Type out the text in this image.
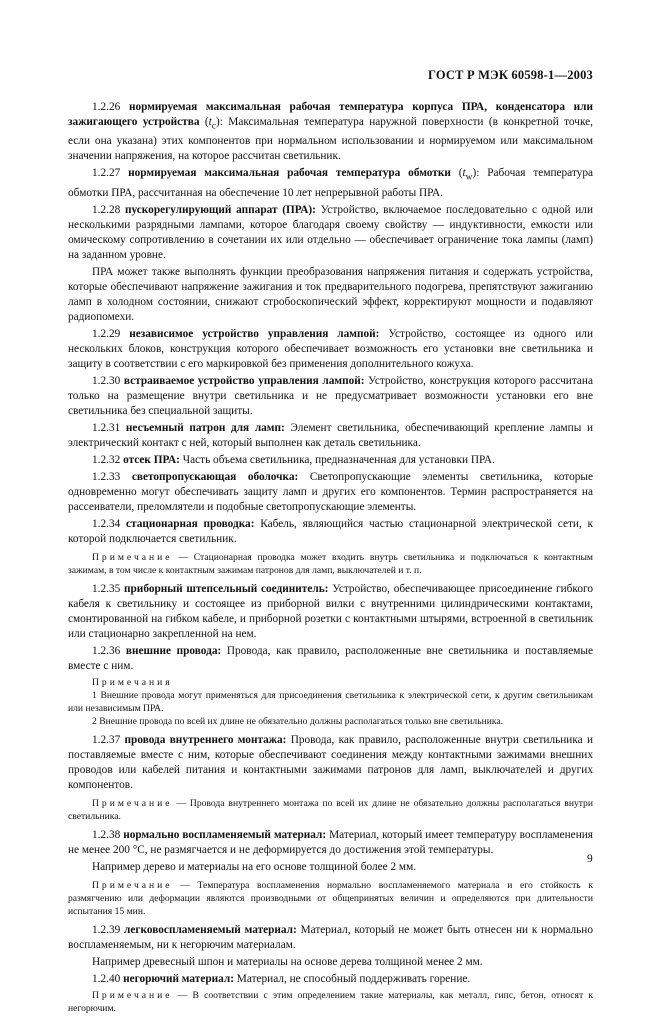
ГОСТ Р МЭК 60598-1—2003

1.2.26 нормируемая максимальная рабочая температура корпуса ПРА, конденсатора или зажигающего устройства $(t_c)$: Максимальная температура наружной поверхности (в конкретной точке, если она указана) этих компонентов при нормальном использовании и нормируемом или максимальном значении напряжения, на которое рассчитан светильник.

1.2.27 нормируемая максимальная рабочая температура обмотки $(t_w)$: Рабочая температура обмотки ПРА, рассчитанная на обеспечение 10 лет непрерывной работы ПРА.

1.2.28 пускорегулирующий аппарат (ПРА): Устройство, включаемое последовательно с одной или несколькими разрядными лампами, которое благодаря своему свойству — индуктивности, емкости или омическому сопротивлению в сочетании их или отдельно — обеспечивает ограничение тока лампы (ламп) на заданном уровне.

ПРА может также выполнять функции преобразования напряжения питания и содержать устройства, которые обеспечивают напряжение зажигания и ток предварительного подогрева, препятствуют зажиганию ламп в холодном состоянии, снижают стробоскопический эффект, корректируют мощности и подавляют радиопомехи.

1.2.29 независимое устройство управления лампой: Устройство, состоящее из одного или нескольких блоков, конструкция которого обеспечивает возможность его установки вне светильника и защиту в соответствии с его маркировкой без применения дополнительного кожуха.

1.2.30 встраиваемое устройство управления лампой: Устройство, конструкция которого рассчитана только на размещение внутри светильника и не предусматривает возможности установки его вне светильника без специальной защиты.

1.2.31 несъемный патрон для ламп: Элемент светильника, обеспечивающий крепление лампы и электрический контакт с ней, который выполнен как деталь светильника.

1.2.32 отсек ПРА: Часть объема светильника, предназначенная для установки ПРА.

1.2.33 светопропускающая оболочка: Светопропускающие элементы светильника, которые одновременно могут обеспечивать защиту ламп и других его компонентов. Термин распространяется на рассеиватели, преломлятели и подобные светопропускающие элементы.

1.2.34 стационарная проводка: Кабель, являющийся частью стационарной электрической сети, к которой подключается светильник.

Примечание — Стационарная проводка может входить внутрь светильника и подключаться к контактным зажимам, в том числе к контактным зажимам патронов для ламп, выключателей и т. п.

1.2.35 приборный штепсельный соединитель: Устройство, обеспечивающее присоединение гибкого кабеля к светильнику и состоящее из приборной вилки с внутренними цилиндрическими контактами, смонтированной на гибком кабеле, и приборной розетки с контактными штырями, встроенной в светильник или стационарно закрепленной на нем.

1.2.36 внешние провода: Провода, как правило, расположенные вне светильника и поставляемые вместе с ним.

Примечания

1 Внешние провода могут применяться для присоединения светильника к электрической сети, к другим светильникам или независимым ПРА.

2 Внешние провода по всей их длине не обязательно должны располагаться только вне светильника.

1.2.37 провода внутреннего монтажа: Провода, как правило, расположенные внутри светильника и поставляемые вместе с ним, которые обеспечивают соединения между контактными зажимами внешних проводов или кабелей питания и контактными зажимами патронов для ламп, выключателей и других компонентов.

Примечание — Провода внутреннего монтажа по всей их длине не обязательно должны располагаться внутри светильника.

1.2.38 нормально воспламеняемый материал: Материал, который имеет температуру воспламенения не менее 200 °С, не размягчается и не деформируется до достижения этой температуры.

Например дерево и материалы на его основе толщиной более 2 мм.

Примечание — Температура воспламенения нормально воспламеняемого материала и его стойкость к размягчению или деформации являются производными от общепринятых величин и определяются при длительности испытания 15 мин.

1.2.39 легковоспламеняемый материал: Материал, который не может быть отнесен ни к нормально воспламеняемым, ни к негорючим материалам.

Например древесный шпон и материалы на основе дерева толщиной менее 2 мм.

1.2.40 негорючий материал: Материал, не способный поддерживать горение.

Примечание — В соответствии с этим определением такие материалы, как металл, гипс, бетон, относят к негорючим.

9
